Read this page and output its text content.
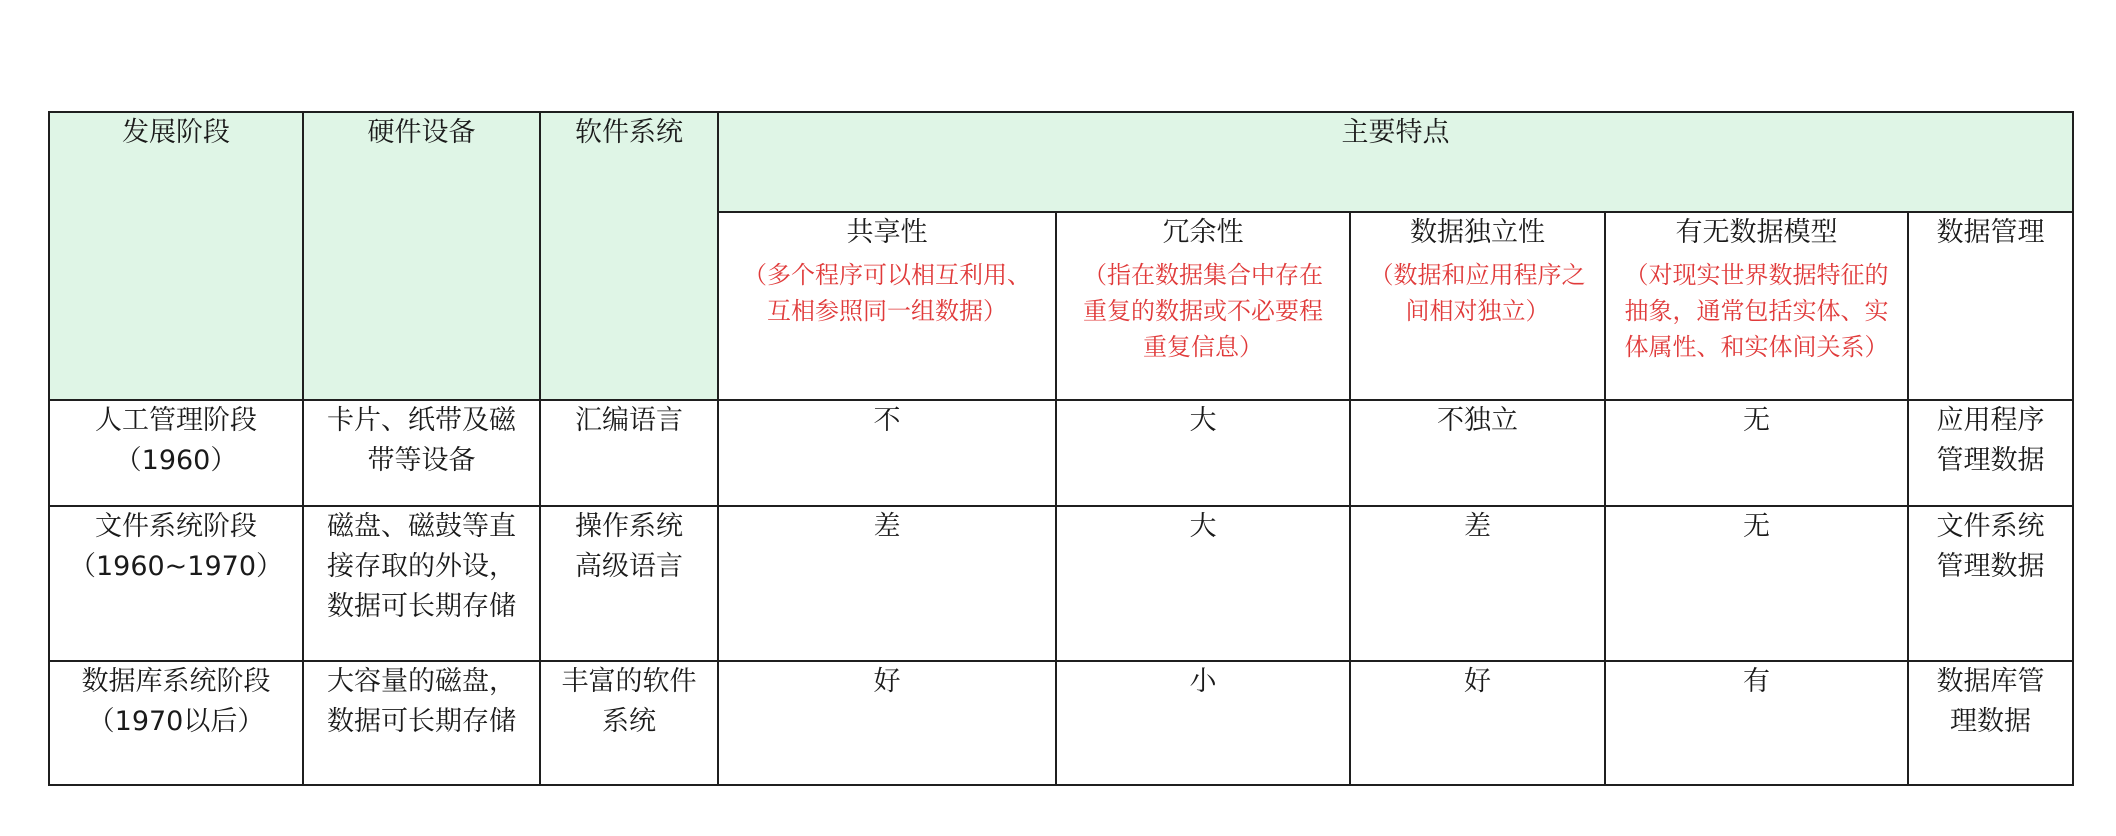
发展阶段	硬件设备	软件系统	主要特点				

			共享性
（多个程序可以相互利用、
互相参照同一组数据）	冗余性
（指在数据集合中存在
重复的数据或不必要程
重复信息）	数据独立性
（数据和应用程序之
间相对独立）	有无数据模型
（对现实世界数据特征的
抽象，通常包括实体、实
体属性、和实体间关系）	数据管理

人工管理阶段
（1960）	卡片、纸带及磁
带等设备	汇编语言	不	大	不独立	无	应用程序
管理数据

文件系统阶段
（1960~1970）	磁盘、磁鼓等直
接存取的外设，
数据可长期存储	操作系统
高级语言	差	大	差	无	文件系统
管理数据

数据库系统阶段
（1970以后）	大容量的磁盘，
数据可长期存储	丰富的软件
系统	好	小	好	有	数据库管
理数据
